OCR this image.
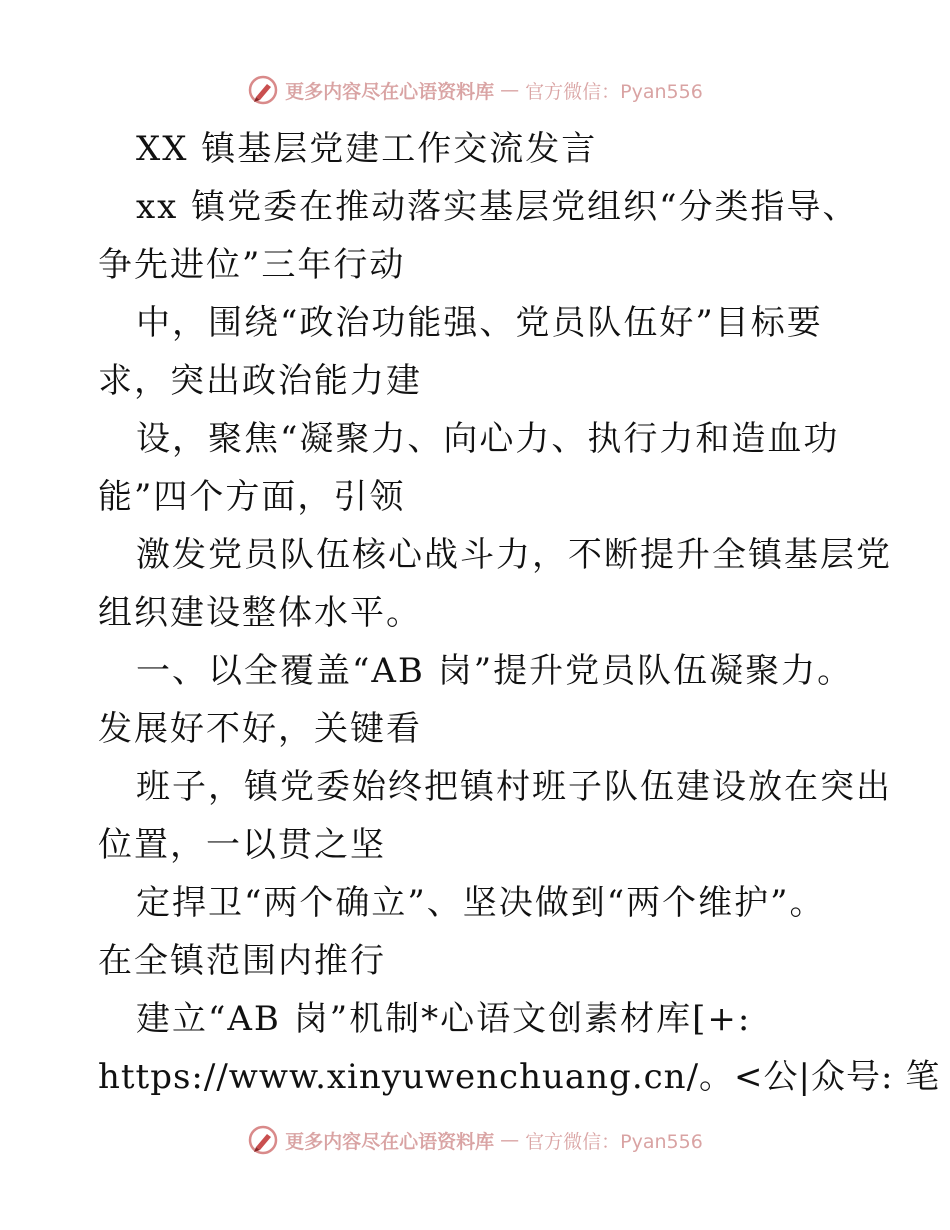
更多内容尽在心语资料库 — 官方微信：Pyan556
XX 镇基层党建工作交流发言
xx 镇党委在推动落实基层党组织“分类指导、
争先进位”三年行动
中，围绕“政治功能强、党员队伍好”目标要
求，突出政治能力建
设，聚焦“凝聚力、向心力、执行力和造血功
能”四个方面，引领
激发党员队伍核心战斗力，不断提升全镇基层党
组织建设整体水平。
一、以全覆盖“AB 岗”提升党员队伍凝聚力。
发展好不好，关键看
班子，镇党委始终把镇村班子队伍建设放在突出
位置，一以贯之坚
定捍卫“两个确立”、坚决做到“两个维护”。
在全镇范围内推行
建立“AB 岗”机制*心语文创素材库[+:
https://www.xinyuwenchuang.cn/。<公|众号: 笔
更多内容尽在心语资料库 — 官方微信：Pyan556
